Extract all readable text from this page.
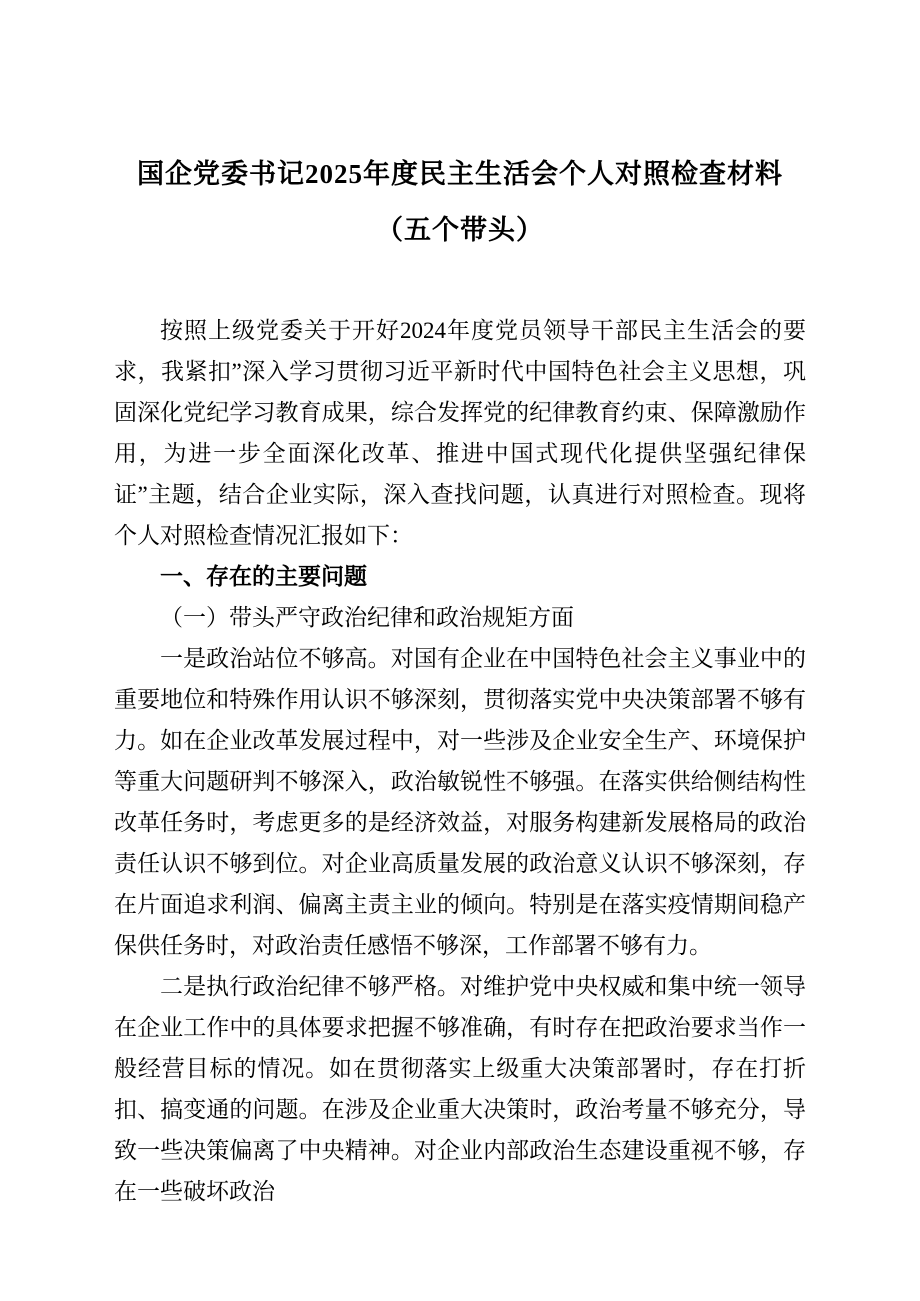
国企党委书记2025年度民主生活会个人对照检查材料（五个带头）

按照上级党委关于开好2024年度党员领导干部民主生活会的要求，我紧扣”深入学习贯彻习近平新时代中国特色社会主义思想，巩固深化党纪学习教育成果，综合发挥党的纪律教育约束、保障激励作用，为进一步全面深化改革、推进中国式现代化提供坚强纪律保证”主题，结合企业实际，深入查找问题，认真进行对照检查。现将个人对照检查情况汇报如下：

一、存在的主要问题

（一）带头严守政治纪律和政治规矩方面

一是政治站位不够高。对国有企业在中国特色社会主义事业中的重要地位和特殊作用认识不够深刻，贯彻落实党中央决策部署不够有力。如在企业改革发展过程中，对一些涉及企业安全生产、环境保护等重大问题研判不够深入，政治敏锐性不够强。在落实供给侧结构性改革任务时，考虑更多的是经济效益，对服务构建新发展格局的政治责任认识不够到位。对企业高质量发展的政治意义认识不够深刻，存在片面追求利润、偏离主责主业的倾向。特别是在落实疫情期间稳产保供任务时，对政治责任感悟不够深，工作部署不够有力。

二是执行政治纪律不够严格。对维护党中央权威和集中统一领导在企业工作中的具体要求把握不够准确，有时存在把政治要求当作一般经营目标的情况。如在贯彻落实上级重大决策部署时，存在打折扣、搞变通的问题。在涉及企业重大决策时，政治考量不够充分，导致一些决策偏离了中央精神。对企业内部政治生态建设重视不够，存在一些破坏政治
